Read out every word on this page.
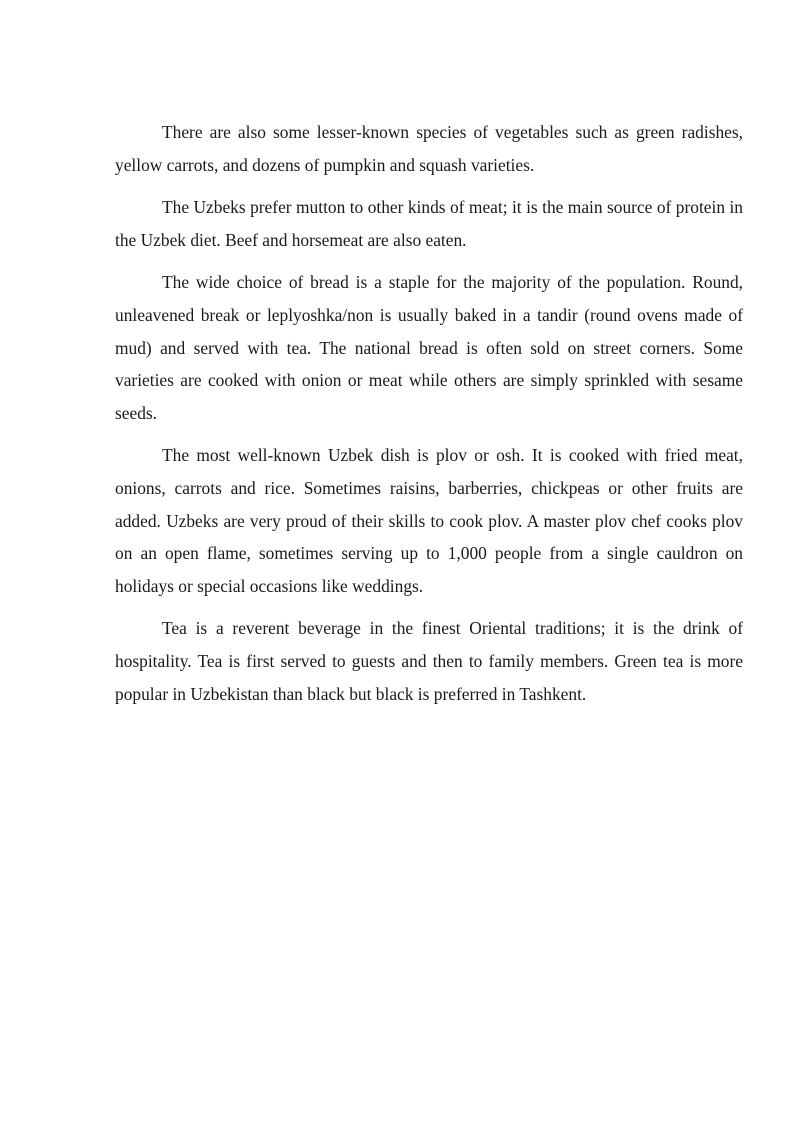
There are also some lesser-known species of vegetables such as green radishes, yellow carrots, and dozens of pumpkin and squash varieties.

The Uzbeks prefer mutton to other kinds of meat; it is the main source of protein in the Uzbek diet. Beef and horsemeat are also eaten.

The wide choice of bread is a staple for the majority of the population. Round, unleavened break or leplyoshka/non is usually baked in a tandir (round ovens made of mud) and served with tea. The national bread is often sold on street corners. Some varieties are cooked with onion or meat while others are simply sprinkled with sesame seeds.

The most well-known Uzbek dish is plov or osh. It is cooked with fried meat, onions, carrots and rice. Sometimes raisins, barberries, chickpeas or other fruits are added. Uzbeks are very proud of their skills to cook plov. A master plov chef cooks plov on an open flame, sometimes serving up to 1,000 people from a single cauldron on holidays or special occasions like weddings.

Tea is a reverent beverage in the finest Oriental traditions; it is the drink of hospitality. Tea is first served to guests and then to family members. Green tea is more popular in Uzbekistan than black but black is preferred in Tashkent.
